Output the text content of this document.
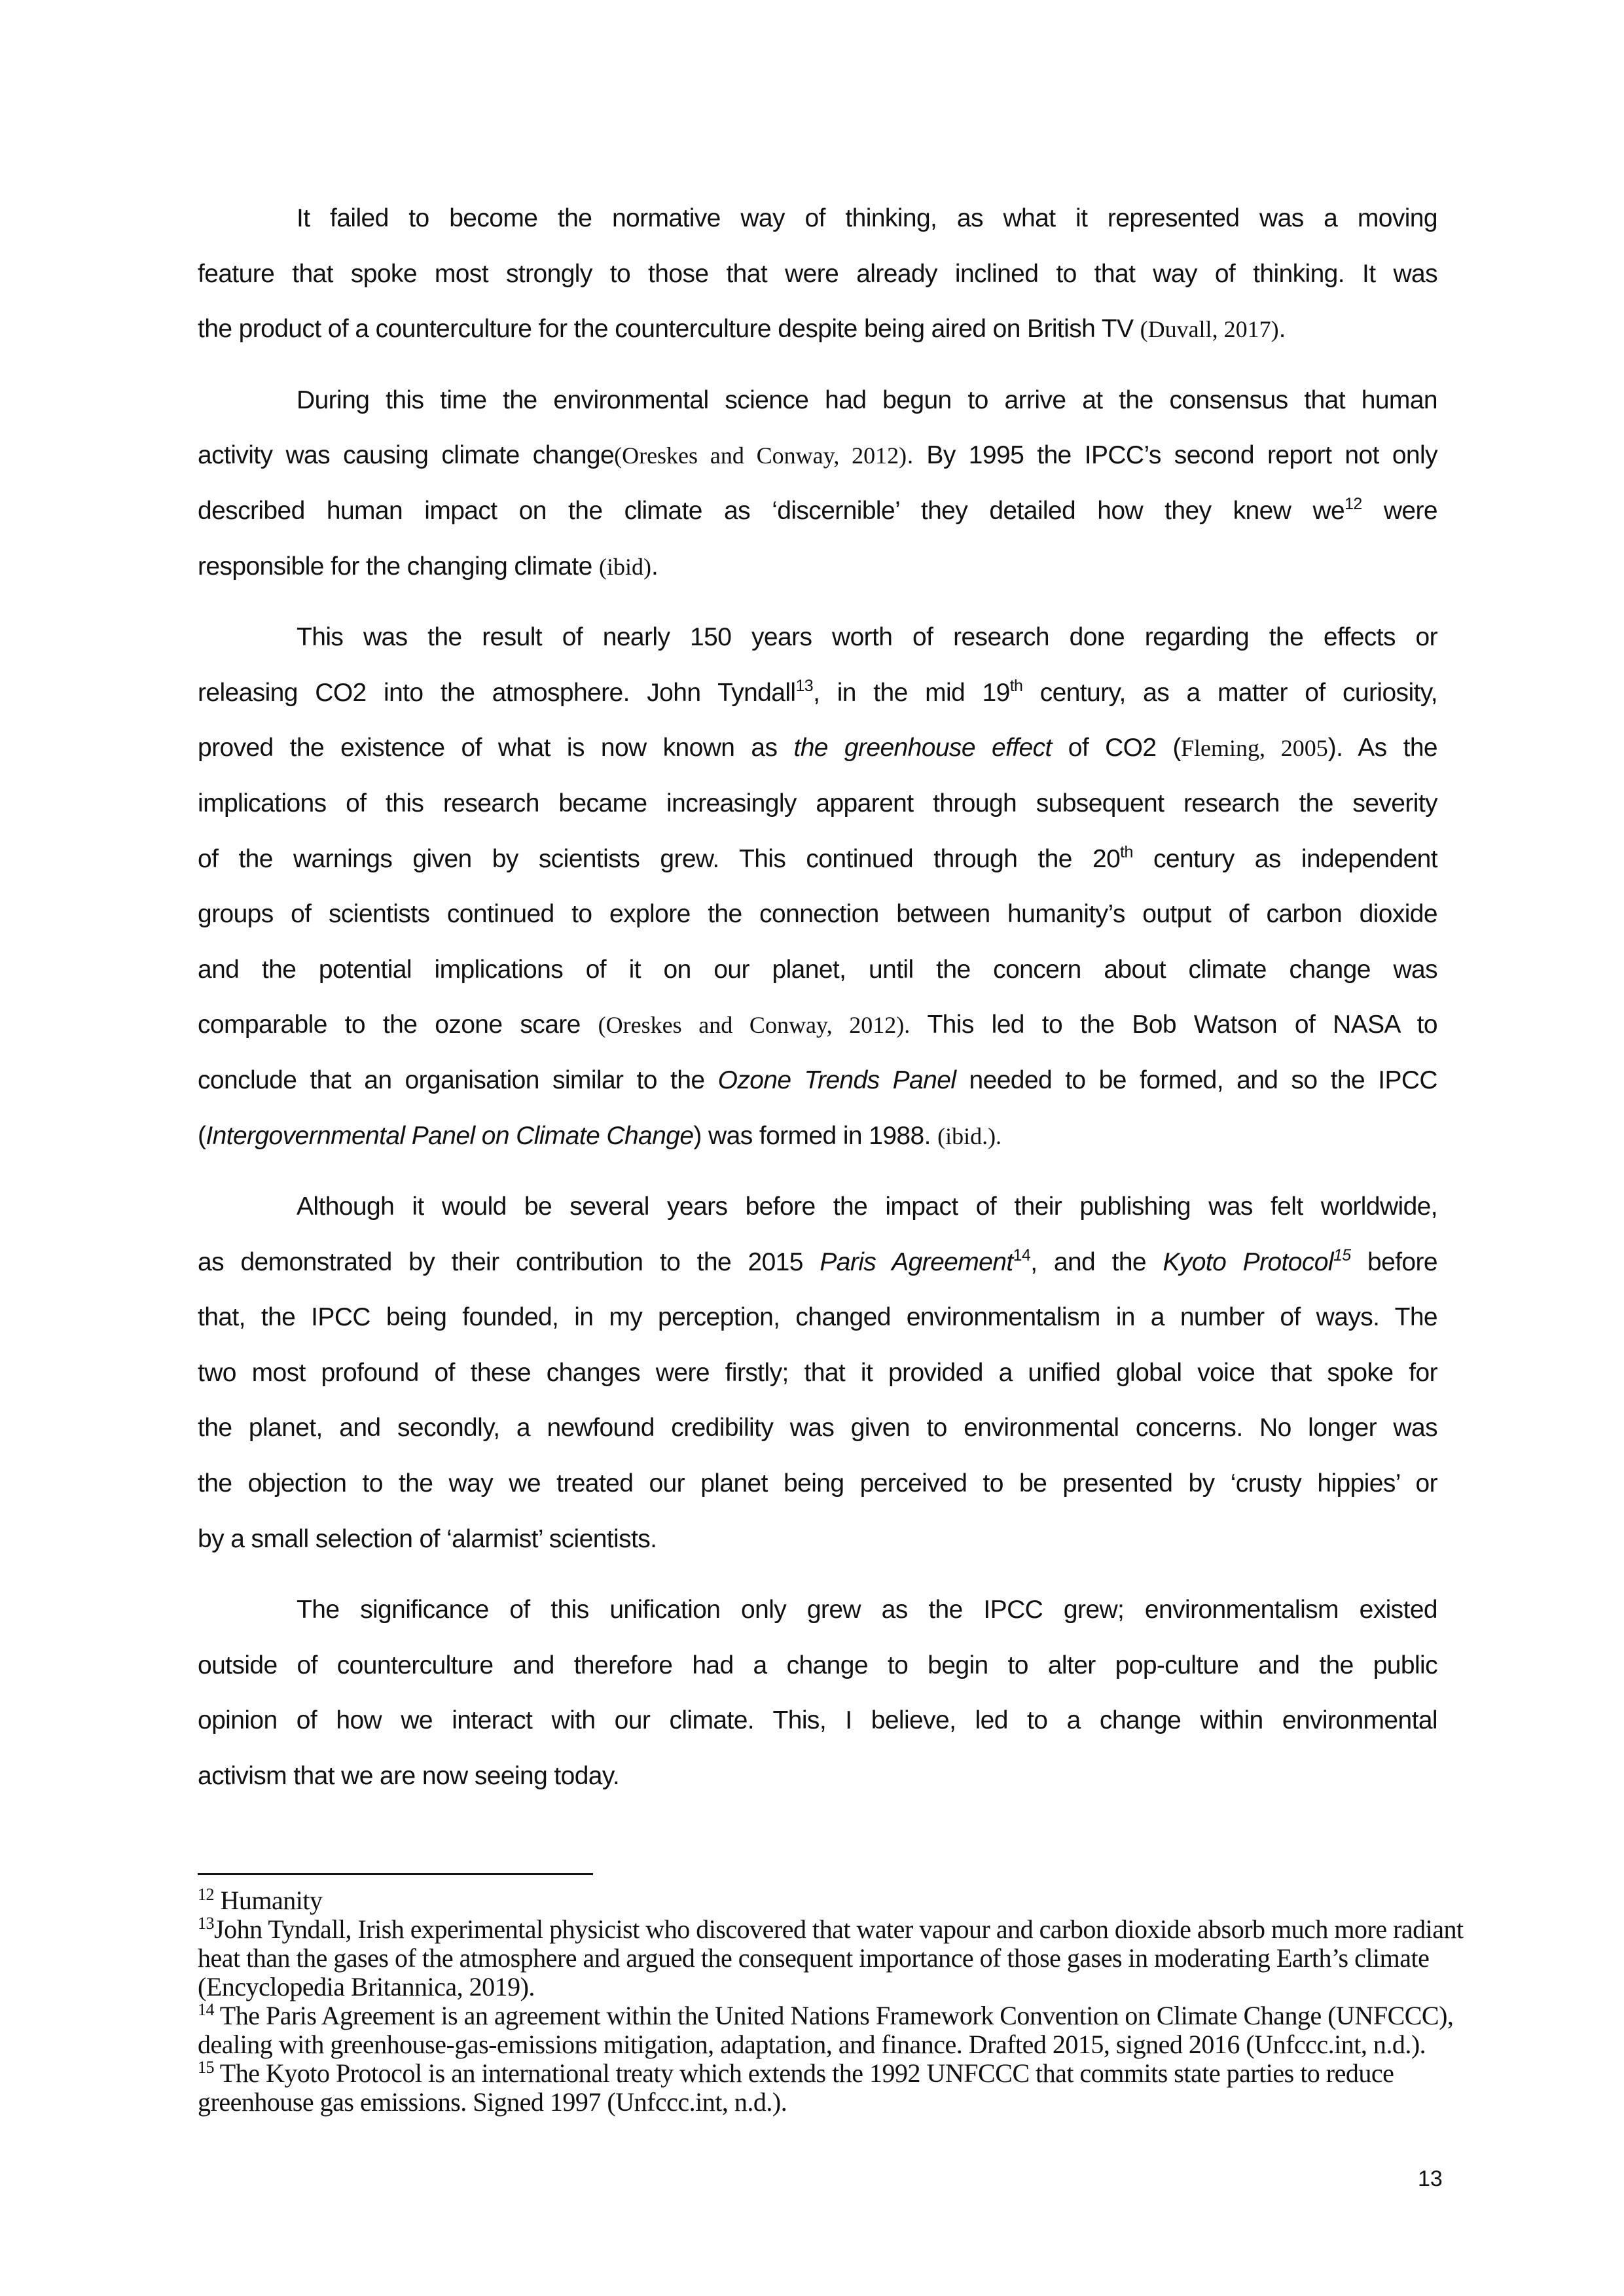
It failed to become the normative way of thinking, as what it represented was a moving
feature that spoke most strongly to those that were already inclined to that way of thinking. It was
the product of a counterculture for the counterculture despite being aired on British TV (Duvall, 2017).
During this time the environmental science had begun to arrive at the consensus that human
activity was causing climate change(Oreskes and Conway, 2012). By 1995 the IPCC’s second report not only
described human impact on the climate as ‘discernible’ they detailed how they knew $we^{12}$ were
responsible for the changing climate (ibid).
This was the result of nearly 150 years worth of research done regarding the effects or
releasing CO2 into the atmosphere. John Tyndall$^{13}$, in the mid 19th century, as a matter of curiosity,
proved the existence of what is now known as the greenhouse effect of CO2 (Fleming, 2005). As the
implications of this research became increasingly apparent through subsequent research the severity
of the warnings given by scientists grew. This continued through the 20th century as independent
groups of scientists continued to explore the connection between humanity’s output of carbon dioxide
and the potential implications of it on our planet, until the concern about climate change was
comparable to the ozone scare (Oreskes and Conway, 2012). This led to the Bob Watson of NASA to
conclude that an organisation similar to the Ozone Trends Panel needed to be formed, and so the IPCC
(Intergovernmental Panel on Climate Change) was formed in 1988. (ibid.).
Although it would be several years before the impact of their publishing was felt worldwide,
as demonstrated by their contribution to the 2015 Paris Agreement$^{14}$, and the Kyoto Protocol$^{15}$ before
that, the IPCC being founded, in my perception, changed environmentalism in a number of ways. The
two most profound of these changes were firstly; that it provided a unified global voice that spoke for
the planet, and secondly, a newfound credibility was given to environmental concerns. No longer was
the objection to the way we treated our planet being perceived to be presented by ‘crusty hippies’ or
by a small selection of ‘alarmist’ scientists.
The significance of this unification only grew as the IPCC grew; environmentalism existed
outside of counterculture and therefore had a change to begin to alter pop-culture and the public
opinion of how we interact with our climate. This, I believe, led to a change within environmental
activism that we are now seeing today.
$^{12}$ Humanity
$^{13}$John Tyndall, Irish experimental physicist who discovered that water vapour and carbon dioxide absorb much more radiant
heat than the gases of the atmosphere and argued the consequent importance of those gases in moderating Earth’s climate
(Encyclopedia Britannica, 2019).
$^{14}$ The Paris Agreement is an agreement within the United Nations Framework Convention on Climate Change (UNFCCC),
dealing with greenhouse-gas-emissions mitigation, adaptation, and finance. Drafted 2015, signed 2016 (Unfccc.int, n.d.).
$^{15}$ The Kyoto Protocol is an international treaty which extends the 1992 UNFCCC that commits state parties to reduce
greenhouse gas emissions. Signed 1997 (Unfccc.int, n.d.).
13
